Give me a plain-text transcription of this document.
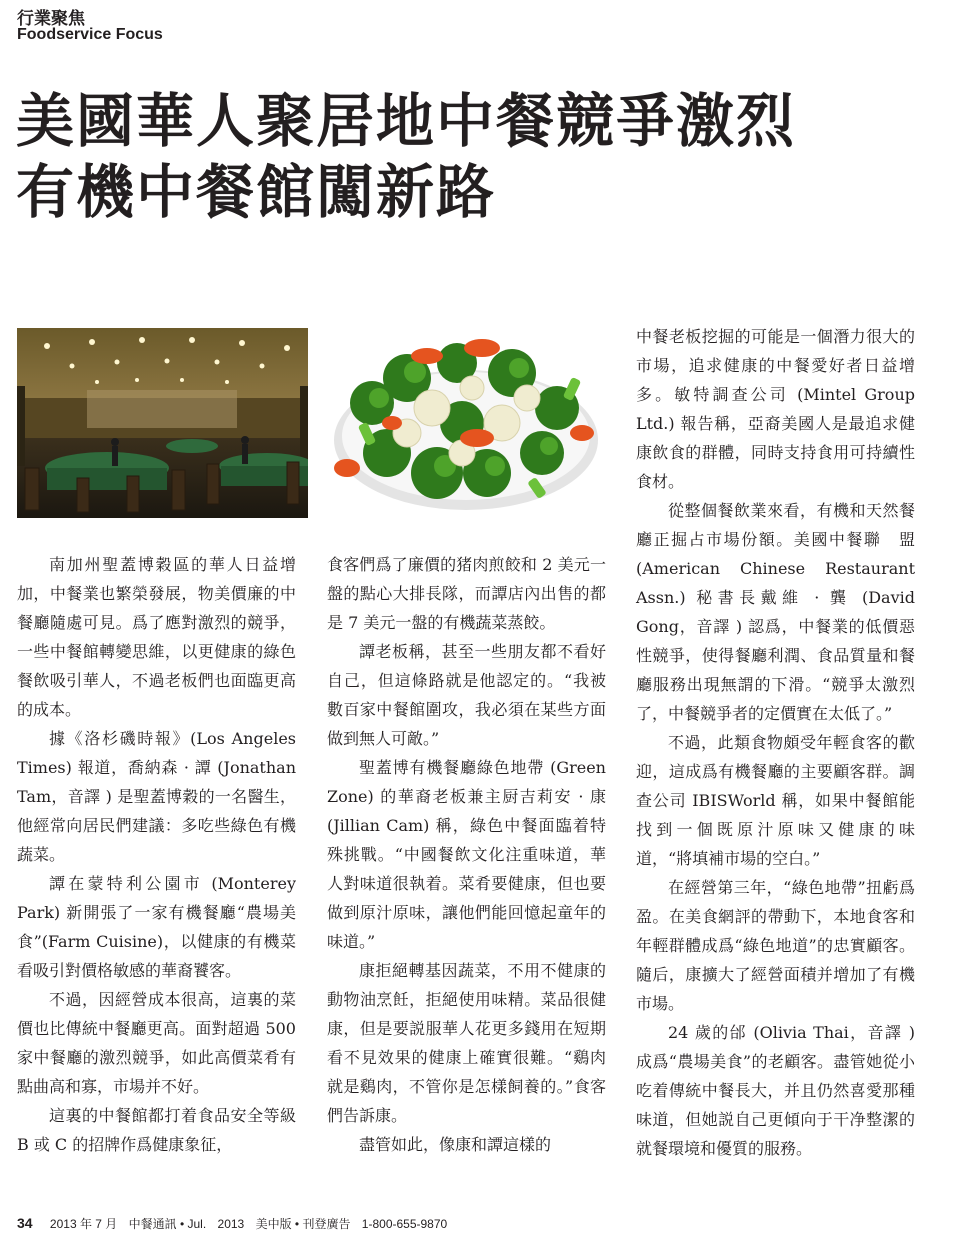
行業聚焦
Foodservice Focus
美國華人聚居地中餐競爭激烈
有機中餐館闖新路

南加州聖蓋博穀區的華人日益增加，中餐業也繁榮發展，物美價廉的中餐廳隨處可見。爲了應對激烈的競爭，一些中餐館轉變思維，以更健康的綠色餐飲吸引華人，不過老板們也面臨更高的成本。

據《洛杉磯時報》(Los Angeles Times) 報道，喬納森 · 譚 (Jonathan Tam，音譯 ) 是聖蓋博穀的一名醫生，他經常向居民們建議：多吃些綠色有機蔬菜。

譚在蒙特利公園市 (Monterey Park) 新開張了一家有機餐廳“農場美食”(Farm Cuisine)，以健康的有機菜看吸引對價格敏感的華裔饕客。

不過，因經營成本很高，這裏的菜價也比傳統中餐廳更高。面對超過 500 家中餐廳的激烈競爭，如此高價菜肴有點曲高和寡，市場并不好。

這裏的中餐館都打着食品安全等級 B 或 C 的招牌作爲健康象征，

食客們爲了廉價的猪肉煎餃和 2 美元一盤的點心大排長隊，而譚店內出售的都是 7 美元一盤的有機蔬菜蒸餃。

譚老板稱，甚至一些朋友都不看好自己，但這條路就是他認定的。“我被數百家中餐館圍攻，我必須在某些方面做到無人可敵。”

聖蓋博有機餐廳綠色地帶 (Green Zone) 的華裔老板兼主厨吉莉安 · 康 (Jillian Cam) 稱，綠色中餐面臨着特殊挑戰。“中國餐飲文化注重味道，華人對味道很執着。菜肴要健康，但也要做到原汁原味，讓他們能回憶起童年的味道。”

康拒絕轉基因蔬菜，不用不健康的動物油烹飪，拒絕使用味精。菜品很健康，但是要説服華人花更多錢用在短期看不見效果的健康上確實很難。“鷄肉就是鷄肉，不管你是怎樣飼養的。”食客們告訴康。

盡管如此，像康和譚這樣的

中餐老板挖掘的可能是一個潛力很大的市場，追求健康的中餐愛好者日益增多。敏特調查公司 (Mintel Group Ltd.) 報告稱，亞裔美國人是最追求健康飲食的群體，同時支持食用可持續性食材。

從整個餐飲業來看，有機和天然餐廳正掘占市場份額。美國中餐聯　盟 (American Chinese Restaurant Assn.) 秘書長戴維 · 龔 (David Gong，音譯 ) 認爲，中餐業的低價惡性競爭，使得餐廳利潤、食品質量和餐廳服務出現無謂的下滑。“競爭太激烈了，中餐競爭者的定價實在太低了。”

不過，此類食物頗受年輕食客的歡迎，這成爲有機餐廳的主要顧客群。調查公司 IBISWorld 稱，如果中餐館能找到一個既原汁原味又健康的味道，“將填補市場的空白。”

在經營第三年，“綠色地帶”扭虧爲盈。在美食網評的帶動下，本地食客和年輕群體成爲“綠色地道”的忠實顧客。隨后，康擴大了經營面積并增加了有機市場。

24 歲的邰 (Olivia Thai，音譯 ) 成爲“農場美食”的老顧客。盡管她從小吃着傳統中餐長大，并且仍然喜愛那種味道，但她説自己更傾向于干净整潔的就餐環境和優質的服務。

34 2013 年 7 月 中餐通訊 • Jul. 2013 美中版 • 刊登廣告 1-800-655-9870
